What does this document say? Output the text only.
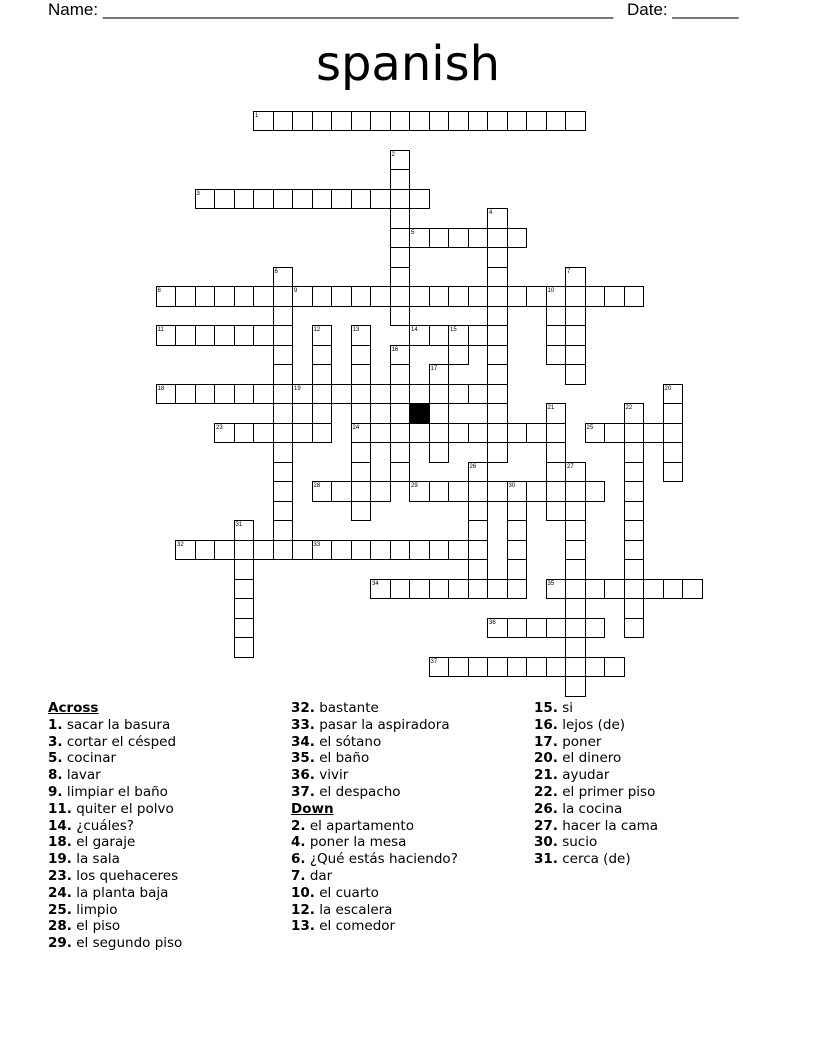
Name: ______________________________________________________ Date: _______
spanish
1
3
5
8	9	10
11	14	15
18	19
23	24	25
28	29	30
32	33
34	35
36
37
2
4
6	7
12	13
16
17
20
21	22
26	27
31
Across
1. sacar la basura
3. cortar el césped
5. cocinar
8. lavar
9. limpiar el baño
11. quiter el polvo
14. ¿cuáles?
18. el garaje
19. la sala
23. los quehaceres
24. la planta baja
25. limpio
28. el piso
29. el segundo piso
32. bastante
33. pasar la aspiradora
34. el sótano
35. el baño
36. vivir
37. el despacho
Down
2. el apartamento
4. poner la mesa
6. ¿Qué estás haciendo?
7. dar
10. el cuarto
12. la escalera
13. el comedor
15. si
16. lejos (de)
17. poner
20. el dinero
21. ayudar
22. el primer piso
26. la cocina
27. hacer la cama
30. sucio
31. cerca (de)
